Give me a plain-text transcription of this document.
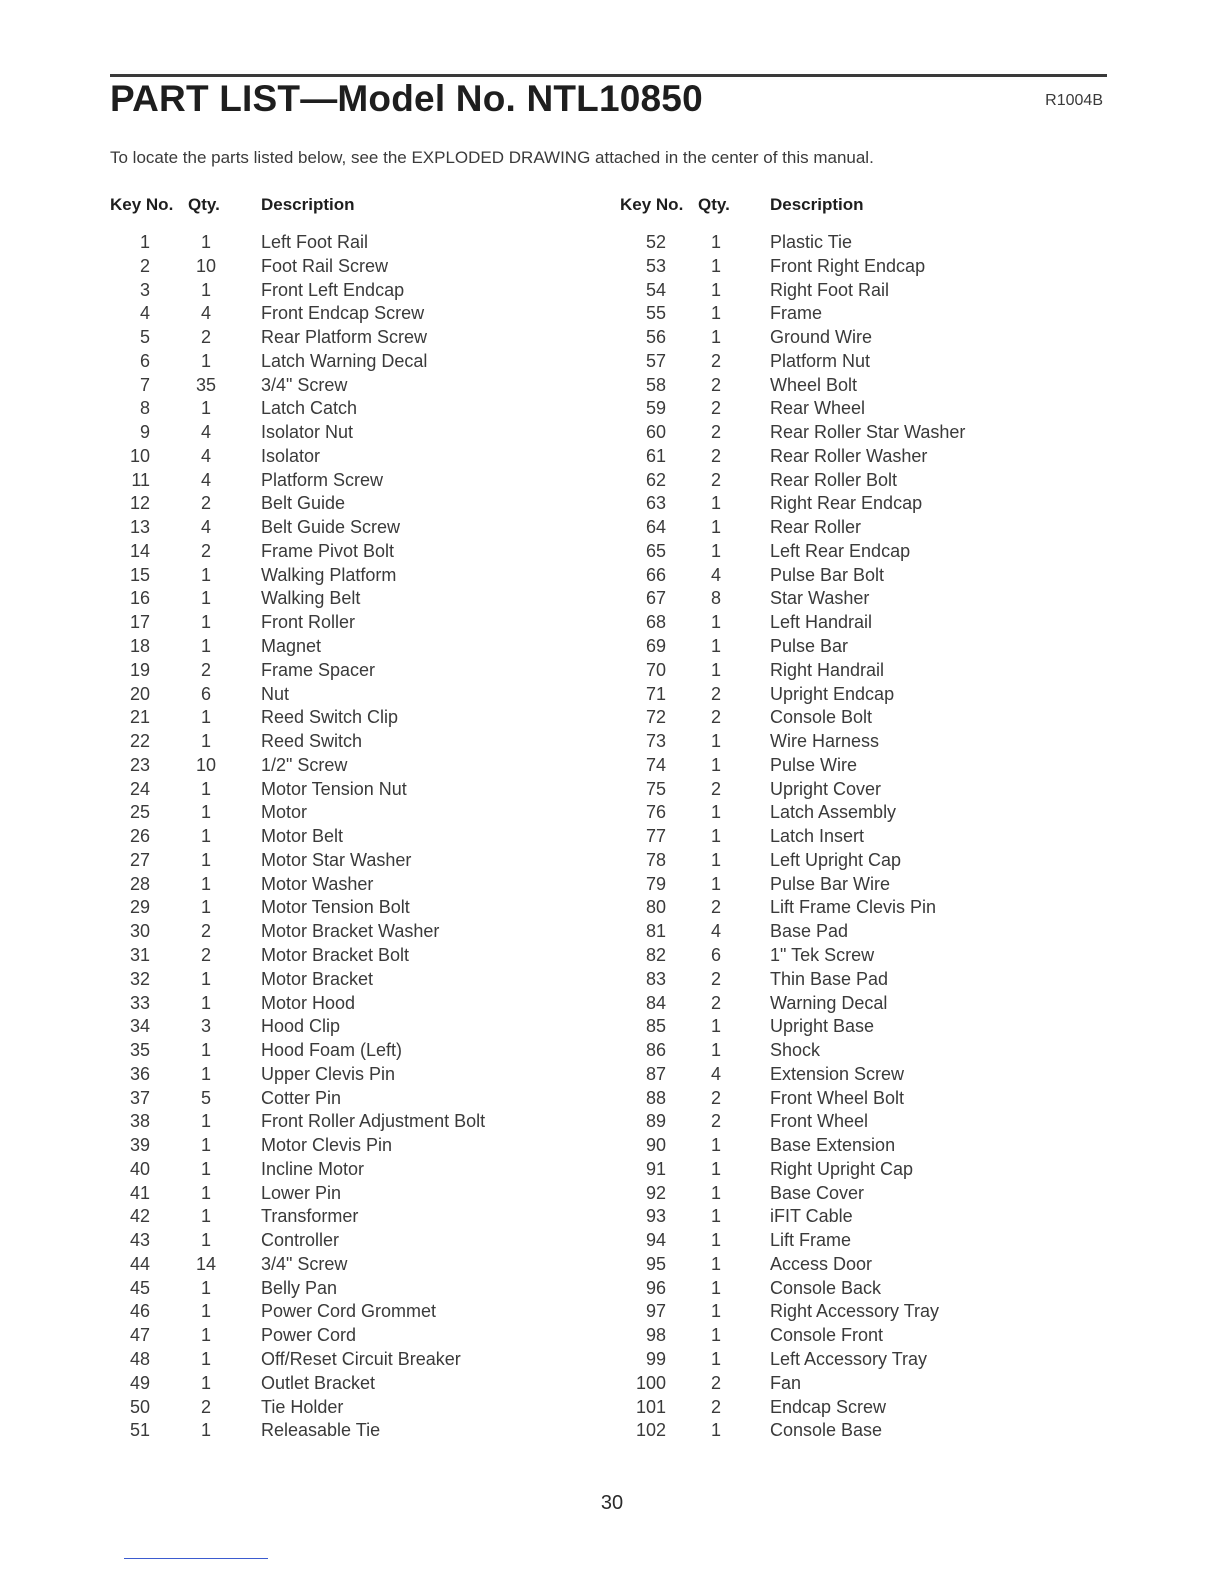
PART LIST—Model No. NTL10850	R1004B
To locate the parts listed below, see the EXPLODED DRAWING attached in the center of this manual.
Key No. Qty. Description	Key No. Qty. Description
1	1	Left Foot Rail
2	10	Foot Rail Screw
3	1	Front Left Endcap
4	4	Front Endcap Screw
5	2	Rear Platform Screw
6	1	Latch Warning Decal
7	35	3/4" Screw
8	1	Latch Catch
9	4	Isolator Nut
10	4	Isolator
11	4	Platform Screw
12	2	Belt Guide
13	4	Belt Guide Screw
14	2	Frame Pivot Bolt
15	1	Walking Platform
16	1	Walking Belt
17	1	Front Roller
18	1	Magnet
19	2	Frame Spacer
20	6	Nut
21	1	Reed Switch Clip
22	1	Reed Switch
23	10	1/2" Screw
24	1	Motor Tension Nut
25	1	Motor
26	1	Motor Belt
27	1	Motor Star Washer
28	1	Motor Washer
29	1	Motor Tension Bolt
30	2	Motor Bracket Washer
31	2	Motor Bracket Bolt
32	1	Motor Bracket
33	1	Motor Hood
34	3	Hood Clip
35	1	Hood Foam (Left)
36	1	Upper Clevis Pin
37	5	Cotter Pin
38	1	Front Roller Adjustment Bolt
39	1	Motor Clevis Pin
40	1	Incline Motor
41	1	Lower Pin
42	1	Transformer
43	1	Controller
44	14	3/4" Screw
45	1	Belly Pan
46	1	Power Cord Grommet
47	1	Power Cord
48	1	Off/Reset Circuit Breaker
49	1	Outlet Bracket
50	2	Tie Holder
51	1	Releasable Tie
52	1	Plastic Tie
53	1	Front Right Endcap
54	1	Right Foot Rail
55	1	Frame
56	1	Ground Wire
57	2	Platform Nut
58	2	Wheel Bolt
59	2	Rear Wheel
60	2	Rear Roller Star Washer
61	2	Rear Roller Washer
62	2	Rear Roller Bolt
63	1	Right Rear Endcap
64	1	Rear Roller
65	1	Left Rear Endcap
66	4	Pulse Bar Bolt
67	8	Star Washer
68	1	Left Handrail
69	1	Pulse Bar
70	1	Right Handrail
71	2	Upright Endcap
72	2	Console Bolt
73	1	Wire Harness
74	1	Pulse Wire
75	2	Upright Cover
76	1	Latch Assembly
77	1	Latch Insert
78	1	Left Upright Cap
79	1	Pulse Bar Wire
80	2	Lift Frame Clevis Pin
81	4	Base Pad
82	6	1" Tek Screw
83	2	Thin Base Pad
84	2	Warning Decal
85	1	Upright Base
86	1	Shock
87	4	Extension Screw
88	2	Front Wheel Bolt
89	2	Front Wheel
90	1	Base Extension
91	1	Right Upright Cap
92	1	Base Cover
93	1	iFIT Cable
94	1	Lift Frame
95	1	Access Door
96	1	Console Back
97	1	Right Accessory Tray
98	1	Console Front
99	1	Left Accessory Tray
100	2	Fan
101	2	Endcap Screw
102	1	Console Base
30
